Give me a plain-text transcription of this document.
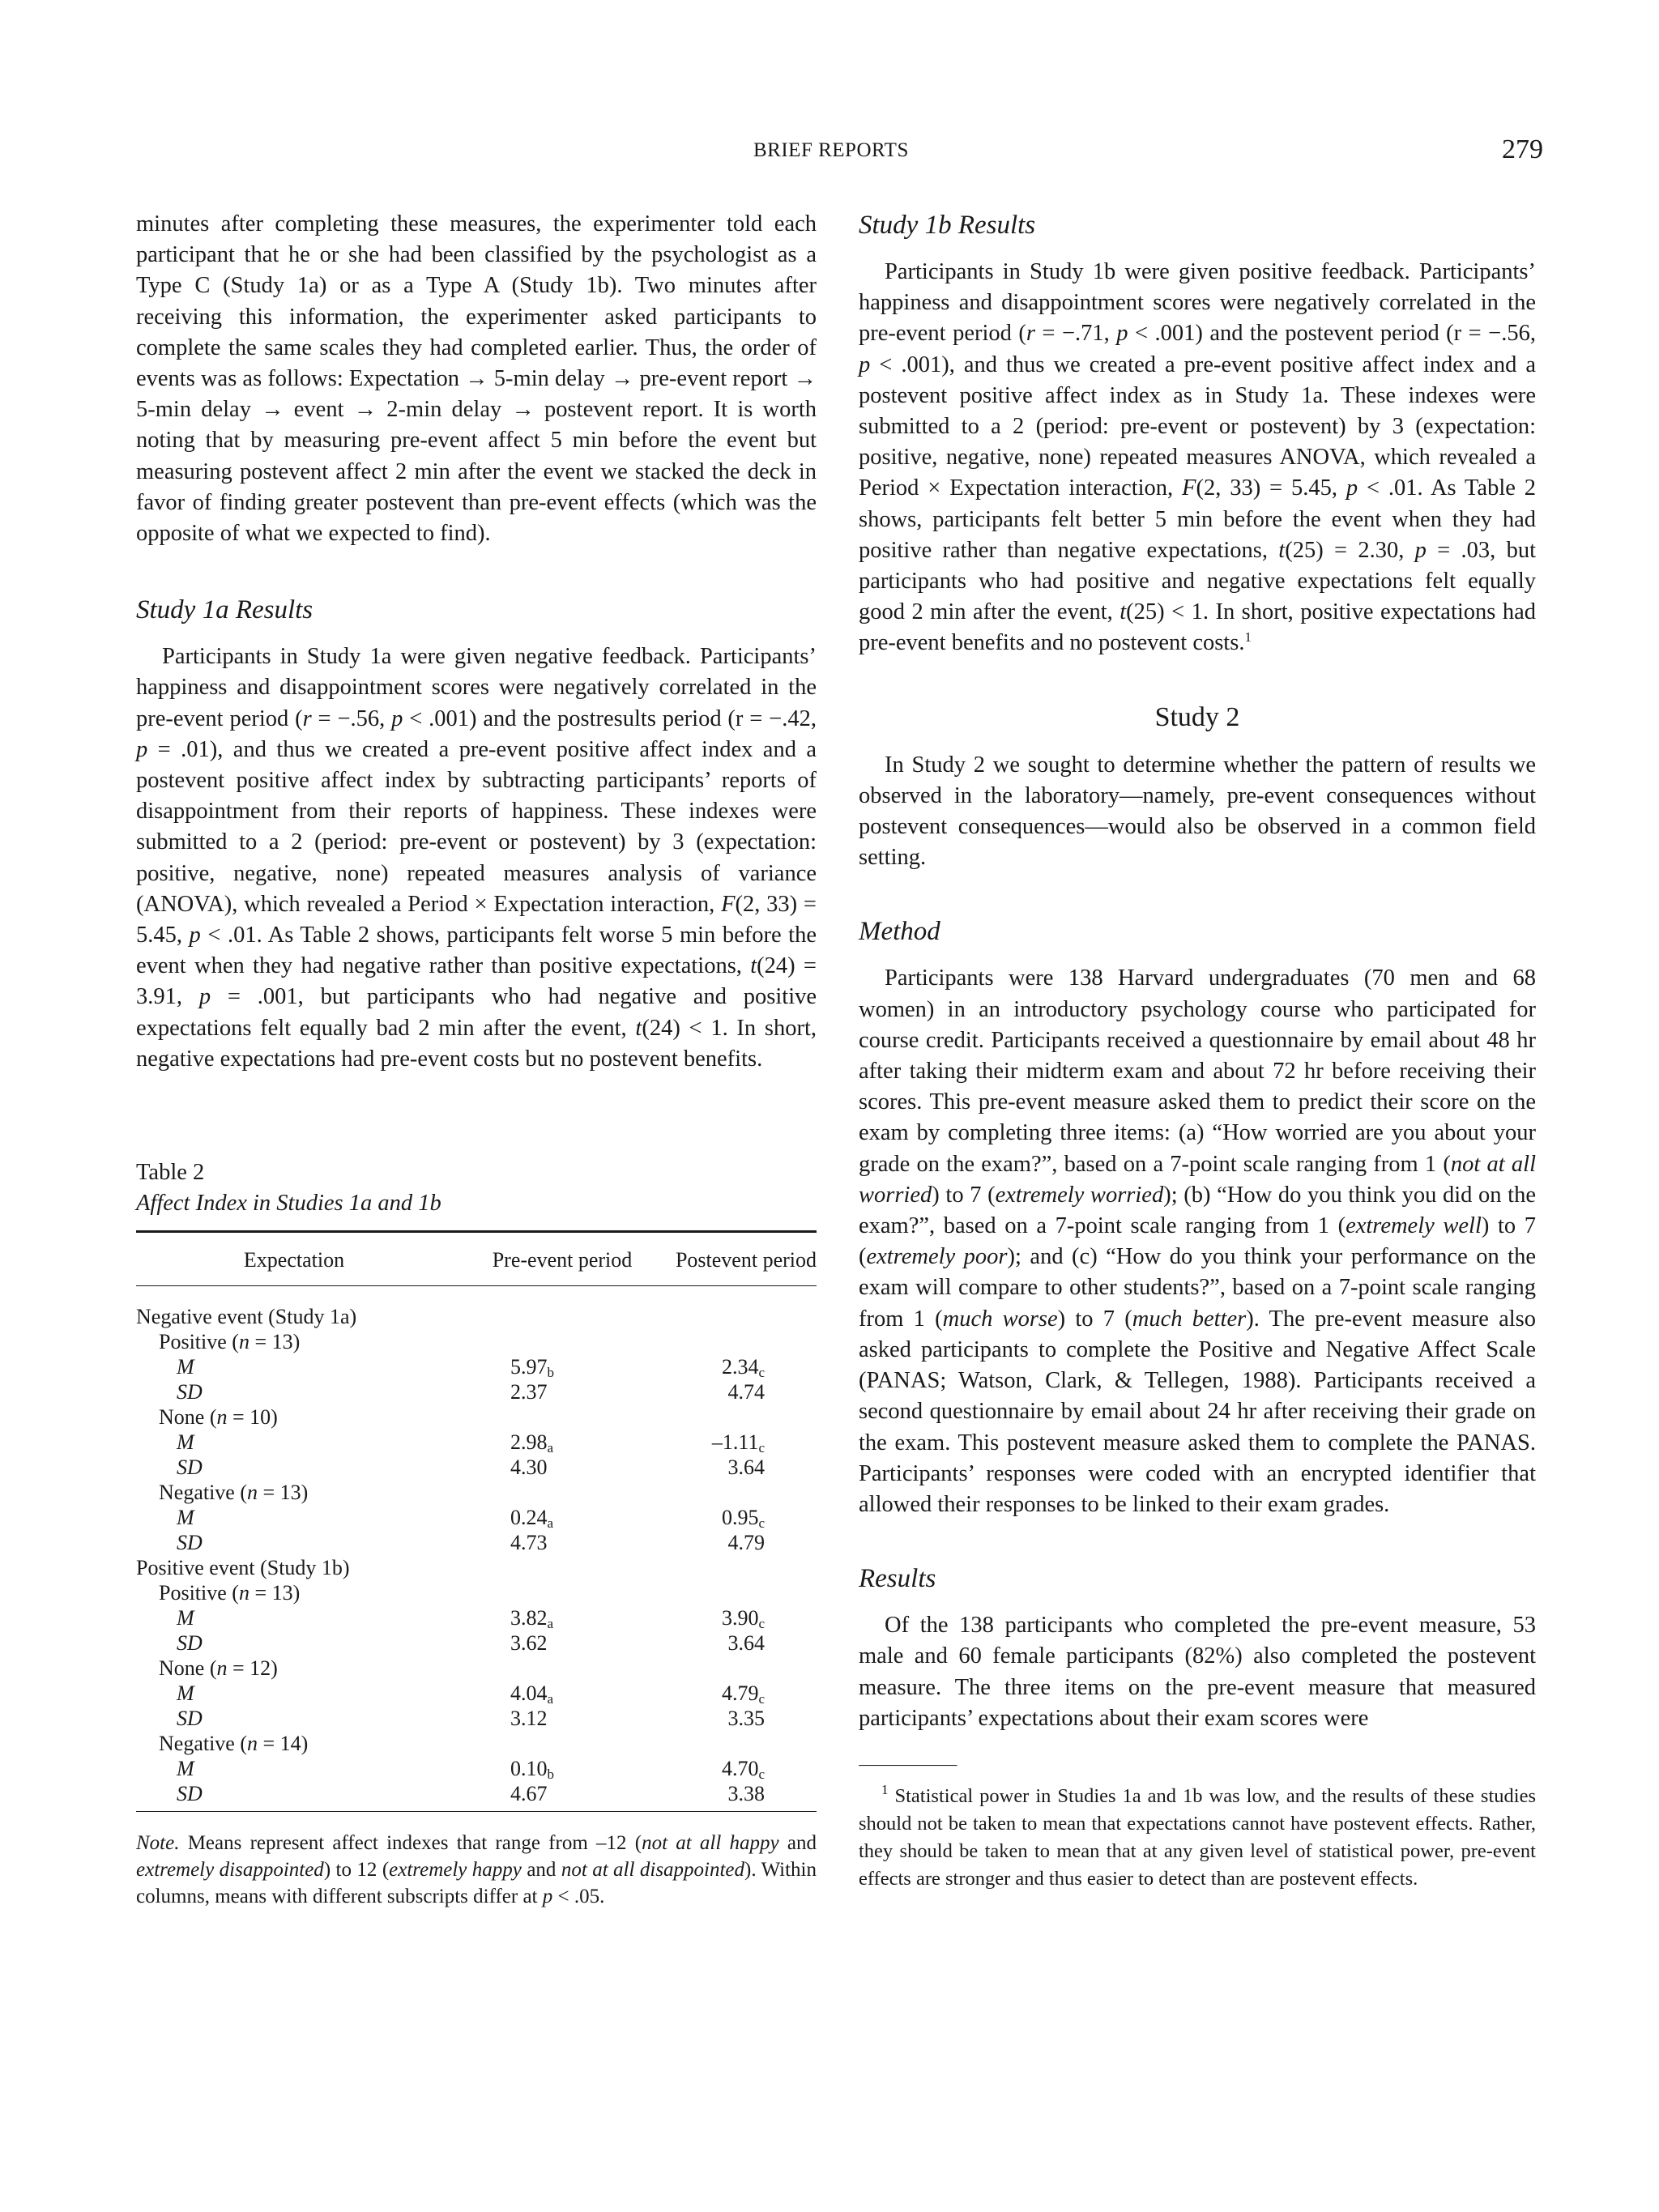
BRIEF REPORTS	279

minutes after completing these measures, the experimenter told each participant that he or she had been classified by the psychologist as a Type C (Study 1a) or as a Type A (Study 1b). Two minutes after receiving this information, the experimenter asked participants to complete the same scales they had completed earlier. Thus, the order of events was as follows: Expectation → 5-min delay → pre-event report → 5-min delay → event → 2-min delay → postevent report. It is worth noting that by measuring pre-event affect 5 min before the event but measuring postevent affect 2 min after the event we stacked the deck in favor of finding greater postevent than pre-event effects (which was the opposite of what we expected to find).

Study 1a Results

Participants in Study 1a were given negative feedback. Participants’ happiness and disappointment scores were negatively correlated in the pre-event period (r = −.56, p < .001) and the postresults period (r = −.42, p = .01), and thus we created a pre-event positive affect index and a postevent positive affect index by subtracting participants’ reports of disappointment from their reports of happiness. These indexes were submitted to a 2 (period: pre-event or postevent) by 3 (expectation: positive, negative, none) repeated measures analysis of variance (ANOVA), which revealed a Period × Expectation interaction, F(2, 33) = 5.45, p < .01. As Table 2 shows, participants felt worse 5 min before the event when they had negative rather than positive expectations, t(24) = 3.91, p = .001, but participants who had negative and positive expectations felt equally bad 2 min after the event, t(24) < 1. In short, negative expectations had pre-event costs but no postevent benefits.

Table 2
Affect Index in Studies 1a and 1b
Expectation	Pre-event period	Postevent period
Negative event (Study 1a)		
Positive (n = 13)		
M	$5.97_b$	$2.34_c$
SD	2.37	4.74
None (n = 10)		
M	$2.98_a$	$-1.11_c$
SD	4.30	3.64
Negative (n = 13)		
M	$0.24_a$	$0.95_c$
SD	4.73	4.79
Positive event (Study 1b)		
Positive (n = 13)		
M	$3.82_a$	$3.90_c$
SD	3.62	3.64
None (n = 12)		
M	$4.04_a$	$4.79_c$
SD	3.12	3.35
Negative (n = 14)		
M	$0.10_b$	$4.70_c$
SD	4.67	3.38

Note. Means represent affect indexes that range from –12 (not at all happy and extremely disappointed) to 12 (extremely happy and not at all disappointed). Within columns, means with different subscripts differ at p < .05.

Study 1b Results

Participants in Study 1b were given positive feedback. Participants’ happiness and disappointment scores were negatively correlated in the pre-event period (r = −.71, p < .001) and the postevent period (r = −.56, p < .001), and thus we created a pre-event positive affect index and a postevent positive affect index as in Study 1a. These indexes were submitted to a 2 (period: pre-event or postevent) by 3 (expectation: positive, negative, none) repeated measures ANOVA, which revealed a Period × Expectation interaction, F(2, 33) = 5.45, p < .01. As Table 2 shows, participants felt better 5 min before the event when they had positive rather than negative expectations, t(25) = 2.30, p = .03, but participants who had positive and negative expectations felt equally good 2 min after the event, t(25) < 1. In short, positive expectations had pre-event benefits and no postevent costs.$^1$

Study 2

In Study 2 we sought to determine whether the pattern of results we observed in the laboratory—namely, pre-event consequences without postevent consequences—would also be observed in a common field setting.

Method

Participants were 138 Harvard undergraduates (70 men and 68 women) in an introductory psychology course who participated for course credit. Participants received a questionnaire by email about 48 hr after taking their midterm exam and about 72 hr before receiving their scores. This pre-event measure asked them to predict their score on the exam by completing three items: (a) “How worried are you about your grade on the exam?”, based on a 7-point scale ranging from 1 (not at all worried) to 7 (extremely worried); (b) “How do you think you did on the exam?”, based on a 7-point scale ranging from 1 (extremely well) to 7 (extremely poor); and (c) “How do you think your performance on the exam will compare to other students?”, based on a 7-point scale ranging from 1 (much worse) to 7 (much better). The pre-event measure also asked participants to complete the Positive and Negative Affect Scale (PANAS; Watson, Clark, & Tellegen, 1988). Participants received a second questionnaire by email about 24 hr after receiving their grade on the exam. This postevent measure asked them to complete the PANAS. Participants’ responses were coded with an encrypted identifier that allowed their responses to be linked to their exam grades.

Results

Of the 138 participants who completed the pre-event measure, 53 male and 60 female participants (82%) also completed the postevent measure. The three items on the pre-event measure that measured participants’ expectations about their exam scores were

$^1$ Statistical power in Studies 1a and 1b was low, and the results of these studies should not be taken to mean that expectations cannot have postevent effects. Rather, they should be taken to mean that at any given level of statistical power, pre-event effects are stronger and thus easier to detect than are postevent effects.
